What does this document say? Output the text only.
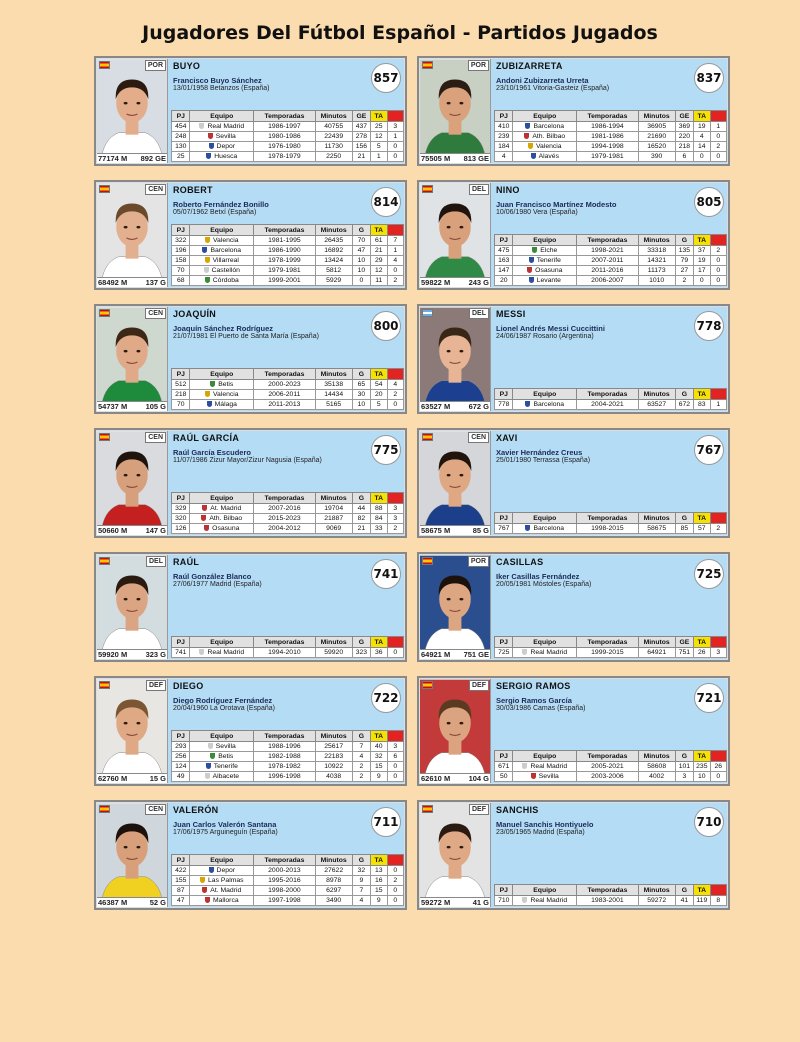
Jugadores Del Fútbol Español - Partidos Jugados
POR
77174 M 892 GE
BUYO
Francisco Buyo Sánchez
13/01/1958 Betanzos (España)
857
PJ	Equipo	Temporadas	Minutos	GE	TA	TR
454	Real Madrid	1986-1997	40755	437	25	3
248	Sevilla	1980-1986	22439	278	12	1
130	Depor	1976-1980	11730	156	5	0
25	Huesca	1978-1979	2250	21	1	0
POR
75505 M 813 GE
ZUBIZARRETA
Andoni Zubizarreta Urreta
23/10/1961 Vitoria-Gasteiz (España)
837
PJ	Equipo	Temporadas	Minutos	GE	TA	TR
410	Barcelona	1986-1994	36905	369	19	1
239	Ath. Bilbao	1981-1986	21690	220	4	0
184	Valencia	1994-1998	16520	218	14	2
4	Alavés	1979-1981	390	6	0	0
CEN
68492 M 137 G
ROBERT
Roberto Fernández Bonillo
05/07/1962 Betxí (España)
814
PJ	Equipo	Temporadas	Minutos	G	TA	TR
322	Valencia	1981-1995	26435	70	61	7
196	Barcelona	1986-1990	16892	47	21	1
158	Villarreal	1978-1999	13424	10	29	4
70	Castellón	1979-1981	5812	10	12	0
68	Córdoba	1999-2001	5929	0	11	2
DEL
59822 M 243 G
NINO
Juan Francisco Martínez Modesto
10/06/1980 Vera (España)
805
PJ	Equipo	Temporadas	Minutos	G	TA	TR
475	Elche	1998-2021	33318	135	37	2
163	Tenerife	2007-2011	14321	79	19	0
147	Osasuna	2011-2016	11173	27	17	0
20	Levante	2006-2007	1010	2	0	0
CEN
54737 M 105 G
JOAQUÍN
Joaquín Sánchez Rodríguez
21/07/1981 El Puerto de Santa María (España)
800
PJ	Equipo	Temporadas	Minutos	G	TA	TR
512	Betis	2000-2023	35138	65	54	4
218	Valencia	2006-2011	14434	30	20	2
70	Málaga	2011-2013	5165	10	5	0
DEL
63527 M 672 G
MESSI
Lionel Andrés Messi Cuccittini
24/06/1987 Rosario (Argentina)
778
PJ	Equipo	Temporadas	Minutos	G	TA	TR
778	Barcelona	2004-2021	63527	672	83	1
CEN
50660 M 147 G
RAÚL GARCÍA
Raúl García Escudero
11/07/1986 Zizur Mayor/Zizur Nagusia (España)
775
PJ	Equipo	Temporadas	Minutos	G	TA	TR
329	At. Madrid	2007-2016	19704	44	88	3
320	Ath. Bilbao	2015-2023	21887	82	84	3
126	Osasuna	2004-2012	9069	21	33	2
CEN
58675 M	85 G
XAVI
Xavier Hernández Creus
25/01/1980 Terrassa (España)
767
PJ	Equipo	Temporadas	Minutos	G	TA	TR
767	Barcelona	1998-2015	58675	85	57	2
DEL
59920 M 323 G
RAÚL
Raúl González Blanco
27/06/1977 Madrid (España)
741
PJ	Equipo	Temporadas	Minutos	G	TA	TR
741	Real Madrid	1994-2010	59920	323	36	0
POR
64921 M 751 GE
CASILLAS
Iker Casillas Fernández
20/05/1981 Móstoles (España)
725
PJ	Equipo	Temporadas	Minutos	GE	TA	TR
725	Real Madrid	1999-2015	64921	751	26	3
DEF
62760 M	15 G
DIEGO
Diego Rodríguez Fernández
20/04/1960 La Orotava (España)
722
PJ	Equipo	Temporadas	Minutos	G	TA	TR
293	Sevilla	1988-1996	25617	7	40	3
256	Betis	1982-1988	22183	4	32	6
124	Tenerife	1978-1982	10922	2	15	0
49	Albacete	1996-1998	4038	2	9	0
DEF
62610 M 104 G
SERGIO RAMOS
Sergio Ramos García
30/03/1986 Camas (España)
721
PJ	Equipo	Temporadas	Minutos	G	TA	TR
671	Real Madrid	2005-2021	58608	101	235	26
50	Sevilla	2003-2006	4002	3	10	0
CEN
46387 M	52 G
VALERÓN
Juan Carlos Valerón Santana
17/06/1975 Arguineguín (España)
711
PJ	Equipo	Temporadas	Minutos	G	TA	TR
422	Depor	2000-2013	27622	32	13	0
155	Las Palmas	1995-2016	8978	9	16	2
87	At. Madrid	1998-2000	6297	7	15	0
47	Mallorca	1997-1998	3490	4	9	0
DEF
59272 M	41 G
SANCHIS
Manuel Sanchis Hontiyuelo
23/05/1965 Madrid (España)
710
PJ	Equipo	Temporadas	Minutos	G	TA	TR
710	Real Madrid	1983-2001	59272	41	119	8
